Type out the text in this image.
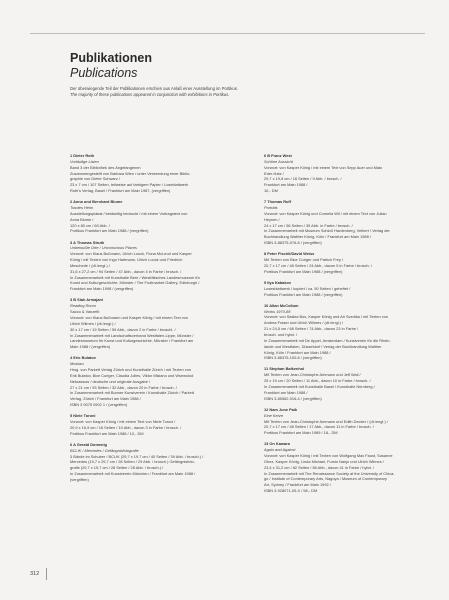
Publikationen
Publications
Der überwiegende Teil der Publikationen erschien aus Anlaß einer Ausstellung im Portikus.
The majority of these publications appeared in conjunction with exhibitions in Portikus.
1 Dieter Roth
Vorläufige Listen
Band 3 der Bibliothek des Angefangenen
Zusammengestellt von Barbara Wien / unter Verwendung einer Biblio-
graphie von Dieter Schwarz /
23 x 7 cm / 107 Seiten, teilweise auf farbigem Papier / Loseblattwerk
Roth's Verlag, Basel / Frankfurt am Main 1987, (vergriffen)
2 Anna und Bernhard Blume
Trautes Heim
Ausstellungsplakat / beidseitig bedruckt / mit einem Vortragstext von
Anna Blume /
120 x 80 cm / 60 Abb. /
Portikus Frankfurt am Main 1988 / (vergriffen)
3 A Thomas Struth
Unbewußte Orte / Unconscious Places
Vorwort: von Klaus Bußmann, Ulrich Loock, Fiona McLeod und Kasper
König / mit Texten von Ingo Hartmann, Ulrich Loock und Friedrich
Meschede / (dt./engl.) /
31,6 x 27,2 cm / 94 Seiten / 47 Abb., davon 4 in Farbe / brosch. /
In Zusammenarbeit mit Kunsthalle Bern / Westfälisches Landesmuseum für
Kunst und Kulturgeschichte, Münster / The Fruitmarket Gallery, Edinburgh /
Frankfurt am Main 1998 / (vergriffen)
3 B Siah Armajani
Reading Room
Sacco & Vanzetti
Vorwort: von Klaus Bußmann und Kasper König / mit einem Text von
Ulrich Wilmes / (dt./engl.) /
30 x 17 cm / 19 Seiten / 59 Abb., davon 2 in Farbe / broschl. /
In Zusammenarbeit mit Landschaftsverband Westfalen-Lippe, Münster /
Landesmuseum für Kunst und Kulturgeschichte, Münster / Frankfurt am
Main 1988 / (vergriffen)
4 Eric Bulatov
Moskau
Hrsg. von Parkett Verlag Zürich und Kunsthalle Zürich / mit Texten von
Erik Bulatov, Bice Curiger, Claudia Jolles, Viktor Misiano und Wsewolod
Nekrassow / deutsche und originale Ausgabe /
27 x 21 cm / 93 Seiten / 32 Abb., davon 20 in Farbe / brosch. /
In Zusammenarbeit mit Bonner Kunstverein / Kunsthalle Zürich / Parkett
Verlag, Zürich / Frankfurt am Main 1988 /
ISBN 3 9075 0902 1 / (vergriffen)
5 Niele Toroni
Vorwort: von Kasper König / mit einem Text von Niele Toroni /
20,9 x 16,9 cm / 16 Seiten / 10 Abb., davon 3 in Farbe / brosch. /
Portikus Frankfurt am Main 1988 / 10,- DM
6 A Gerald Domenig
BCLIK / Mercedes / Gefängnisfotografie
3 Bände im Schuber / BCLIK (29,7 x 19,7 cm / 40 Seiten / 39 Abb. / brosch.) /
Mercedes (19,7 x 29,7 cm / 28 Seiten / 29 Abb. / brosch.) Gefängnisfoto-
grafie (29,7 x 19,7 cm / 28 Seiten / 28 Abb. / brosch.) /
In Zusammenarbeit mit Kunstverein München / Frankfurt am Main 1988 /
(vergriffen)
6 B Franz West
Schöne Aussicht
Vorwort: von Kasper König / mit einem Text von Sepp Auer und Mato
Eder-Hatz /
29,7 x 19,8 cm / 16 Seiten / 9 Abb. / brosch. /
Frankfurt am Main 1988 /
10,- DM
7 Thomas Ruff
Porträts
Vorwort: von Kasper König und Cornelia Wil / mit einem Text von Julian
Heynen /
24 x 17 cm / 56 Seiten / 39 Abb. in Farbe / brosch. /
In Zusammenarbeit mit Museum Schloß Hardenberg, Velbert / Verlag der
Buchhandlung Walther König, Köln / Frankfurt am Main 1988 /
ISBN 3-88375-076-6 / (vergriffen)
8 Peter Fischli/David Weiss
Mit Texten von Bice Curiger und Patrick Frey /
20,7 x 17 cm / 48 Seiten / 24 Abb., davon 5 in Farbe / brosch. /
Portikus Frankfurt am Main 1988 / (vergriffen)
9 Ilya Kabakov
Losesblattwerk / kopiert / ca. 50 Seiten / geheftet /
Portikus Frankfurt am Main 1988 / (vergriffen)
10 Allan McCollum
Works 1970-88
Vorwort: von Saskia Bos, Kasper König und Ari Svedika / mit Texten von
Andrea Fraser und Ulrich Wilmes / (dt./engl.) /
21 x 24,5 cm / 68 Seiten / 74 Abb., davon 23 in Farbe /
brosch. und hybd. /
In Zusammenarbeit mit De Appel, Amsterdam / Kunstverein für die Rhein-
lande und Westfalen, Düsseldorf / Verlag der Buchhandlung Walther
König, Köln / Frankfurt am Main 1988 /
ISBN 3-88375-100-6 / (vergriffen)
11 Stephan Balkenhol
Mit Texten von Jean-Christophe Ammann und Jeff Wall /
25 x 19 cm / 20 Seiten / 11 Abb., davon 10 in Farbe / brosch. /
In Zusammenarbeit mit Kunsthalle Basel / Kunsthalle Nürnberg /
Frankfurt am Main 1988 /
ISBN 3-85562-016-4 / (vergriffen)
12 Nam June Paik
Eine Kerze
Mit Texten von Jean-Christophe Ammann und Edith Decker / (dt./engl.) /
20,7 x 17 cm / 48 Seiten / 17 Abb., davon 11 in Farbe / brosch. /
Portikus Frankfurt am Main 1989 / 18,- DM
13 On Kawara
Again and Against
Vorwort: von Kasper König / mit Texten von Wolfgang Max Faust, Susanne
Ghez, Kasper König, Linda Michael, Fumio Nanjo und Ulrich Wilmes /
23,4 x 31,2 cm / 82 Seiten / 85 Abb., davon 41 in Farbe / hybd. /
In Zusammenarbeit mit The Renaissance Society at the University of Chica-
go / Institute of Contemporary Arts, Nagoya / Museum of Contemporary
Art, Sydney / Frankfurt am Main 1992 /
ISBN 3-928071-05-X / 58,- DM
312
